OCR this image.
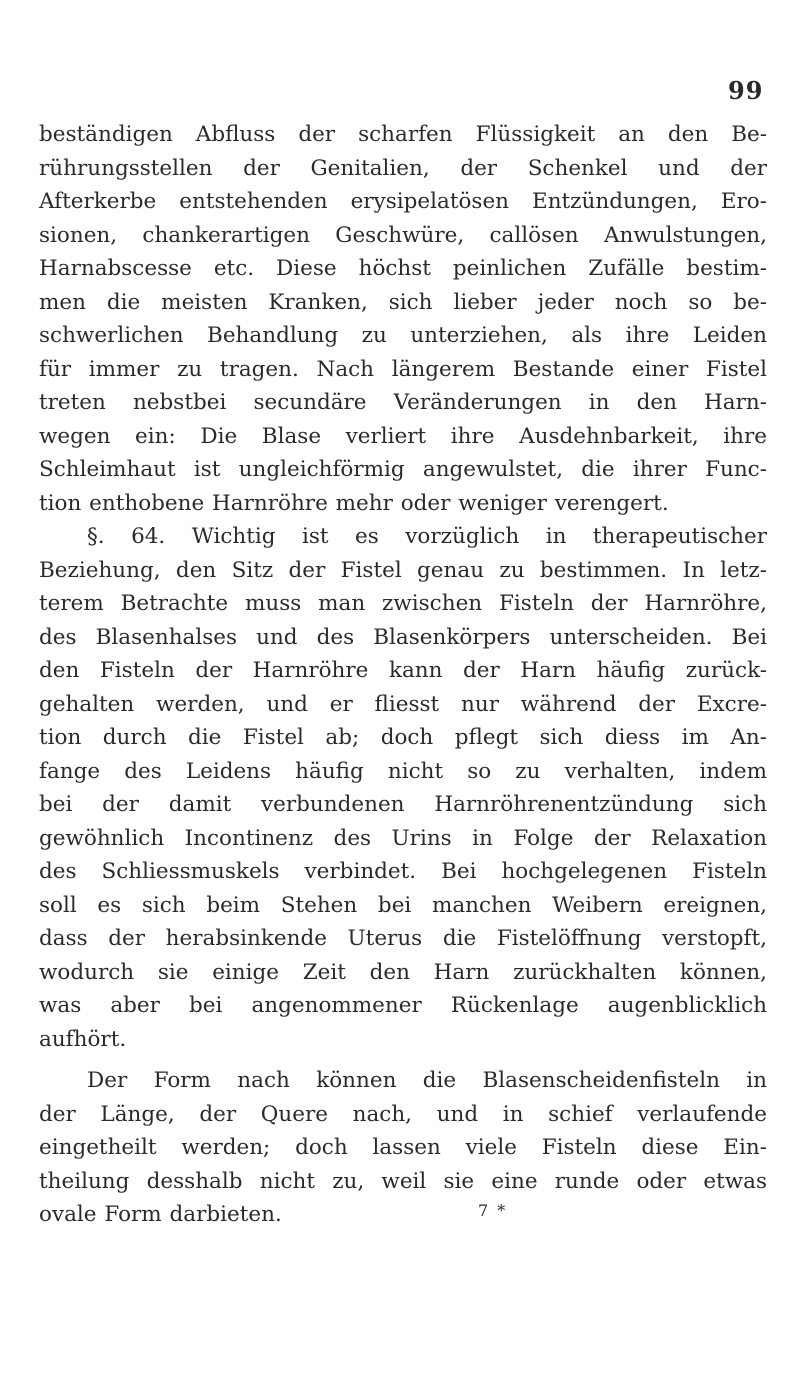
99
beständigen Abfluss der scharfen Flüssigkeit an den Be-
rührungsstellen der Genitalien, der Schenkel und der
Afterkerbe entstehenden erysipelatösen Entzündungen, Ero-
sionen, chankerartigen Geschwüre, callösen Anwulstungen,
Harnabscesse etc. Diese höchst peinlichen Zufälle bestim-
men die meisten Kranken, sich lieber jeder noch so be-
schwerlichen Behandlung zu unterziehen, als ihre Leiden
für immer zu tragen. Nach längerem Bestande einer Fistel
treten nebstbei secundäre Veränderungen in den Harn-
wegen ein: Die Blase verliert ihre Ausdehnbarkeit, ihre
Schleimhaut ist ungleichförmig angewulstet, die ihrer Func-
tion enthobene Harnröhre mehr oder weniger verengert.
§. 64. Wichtig ist es vorzüglich in therapeutischer
Beziehung, den Sitz der Fistel genau zu bestimmen. In letz-
terem Betrachte muss man zwischen Fisteln der Harnröhre,
des Blasenhalses und des Blasenkörpers unterscheiden. Bei
den Fisteln der Harnröhre kann der Harn häufig zurück-
gehalten werden, und er fliesst nur während der Excre-
tion durch die Fistel ab; doch pflegt sich diess im An-
fange des Leidens häufig nicht so zu verhalten, indem
bei der damit verbundenen Harnröhrenentzündung sich
gewöhnlich Incontinenz des Urins in Folge der Relaxation
des Schliessmuskels verbindet. Bei hochgelegenen Fisteln
soll es sich beim Stehen bei manchen Weibern ereignen,
dass der herabsinkende Uterus die Fistelöffnung verstopft,
wodurch sie einige Zeit den Harn zurückhalten können,
was aber bei angenommener Rückenlage augenblicklich
aufhört.
Der Form nach können die Blasenscheidenfisteln in
der Länge, der Quere nach, und in schief verlaufende
eingetheilt werden; doch lassen viele Fisteln diese Ein-
theilung desshalb nicht zu, weil sie eine runde oder etwas
ovale Form darbieten.	7 *
